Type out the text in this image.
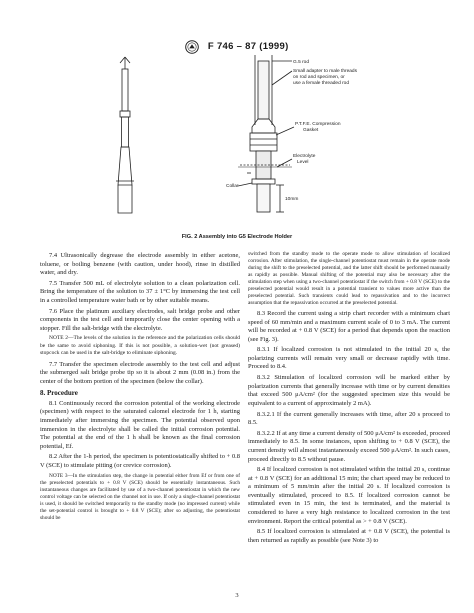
F 746 – 87 (1999)
G.5 rod
Small adapter to male threads
on rod and specimen, or
use a female threaded rod
P.T.F.E. Compression
Gasket
Electrolyte
Level
Collar
10mm
FIG. 2 Assembly into G5 Electrode Holder

7.4 Ultrasonically degrease the electrode assembly in either acetone, toluene, or boiling benzene (with caution, under hood), rinse in distilled water, and dry.

7.5 Transfer 500 mL of electrolyte solution to a clean polarization cell. Bring the temperature of the solution to 37 ± 1°C by immersing the test cell in a controlled temperature water bath or by other suitable means.

7.6 Place the platinum auxiliary electrodes, salt bridge probe and other components in the test cell and temporarily close the center opening with a stopper. Fill the salt-bridge with the electrolyte.

NOTE 2—The levels of the solution in the reference and the polarization cells should be the same to avoid siphoning. If this is not possible, a solution-wet (not greased) stopcock can be used in the salt-bridge to eliminate siphoning.

7.7 Transfer the specimen electrode assembly to the test cell and adjust the submerged salt bridge probe tip so it is about 2 mm (0.08 in.) from the center of the bottom portion of the specimen (below the collar).

8. Procedure

8.1 Continuously record the corrosion potential of the working electrode (specimen) with respect to the saturated calomel electrode for 1 h, starting immediately after immersing the specimen. The potential observed upon immersion in the electrolyte shall be called the initial corrosion potential. The potential at the end of the 1 h shall be known as the final corrosion potential, Ef.

8.2 After the 1-h period, the specimen is potentiostatically shifted to + 0.8 V (SCE) to stimulate pitting (or crevice corrosion).

NOTE 3—In the stimulation step, the change in potential either from Ef or from one of the preselected potentials to + 0.8 V (SCE) should be essentially instantaneous. Such instantaneous changes are facilitated by use of a two-channel potentiostat in which the new control voltage can be selected on the channel not in use. If only a single-channel potentiostat is used, it should be switched temporarily to the standby mode (no impressed current) while the set-potential control is brought to + 0.8 V (SCE); after so adjusting, the potentiostat should be

switched from the standby mode to the operate mode to allow stimulation of localized corrosion. After stimulation, the single-channel potentiostat must remain in the operate mode during the shift to the preselected potential, and the latter shift should be performed manually as rapidly as possible. Manual shifting of the potential may also be necessary after the stimulation step when using a two-channel potentiostat if the switch from + 0.8 V (SCE) to the preselected potential would result in a potential transient to values more active than the preselected potential. Such transients could lead to repassivation and to the incorrect assumption that the repassivation occurred at the preselected potential.

8.3 Record the current using a strip chart recorder with a minimum chart speed of 60 mm/min and a maximum current scale of 0 to 3 mA. The current will be recorded at + 0.8 V (SCE) for a period that depends upon the reaction (see Fig. 3).

8.3.1 If localized corrosion is not stimulated in the initial 20 s, the polarizing currents will remain very small or decrease rapidly with time. Proceed to 8.4.

8.3.2 Stimulation of localized corrosion will be marked either by polarization currents that generally increase with time or by current densities that exceed 500 μA/cm² (for the suggested specimen size this would be equivalent to a current of approximately 2 mA).

8.3.2.1 If the current generally increases with time, after 20 s proceed to 8.5.

8.3.2.2 If at any time a current density of 500 μA/cm² is exceeded, proceed immediately to 8.5. In some instances, upon shifting to + 0.8 V (SCE), the current density will almost instantaneously exceed 500 μA/cm². In such cases, proceed directly to 8.5 without pause.

8.4 If localized corrosion is not stimulated within the initial 20 s, continue at + 0.8 V (SCE) for an additional 15 min; the chart speed may be reduced to a minimum of 5 mm/min after the initial 20 s. If localized corrosion is eventually stimulated, proceed to 8.5. If localized corrosion cannot be stimulated even in 15 min, the test is terminated, and the material is considered to have a very high resistance to localized corrosion in the test environment. Report the critical potential as > + 0.8 V (SCE).

8.5 If localized corrosion is stimulated at + 0.8 V (SCE), the potential is then returned as rapidly as possible (see Note 3) to

3
